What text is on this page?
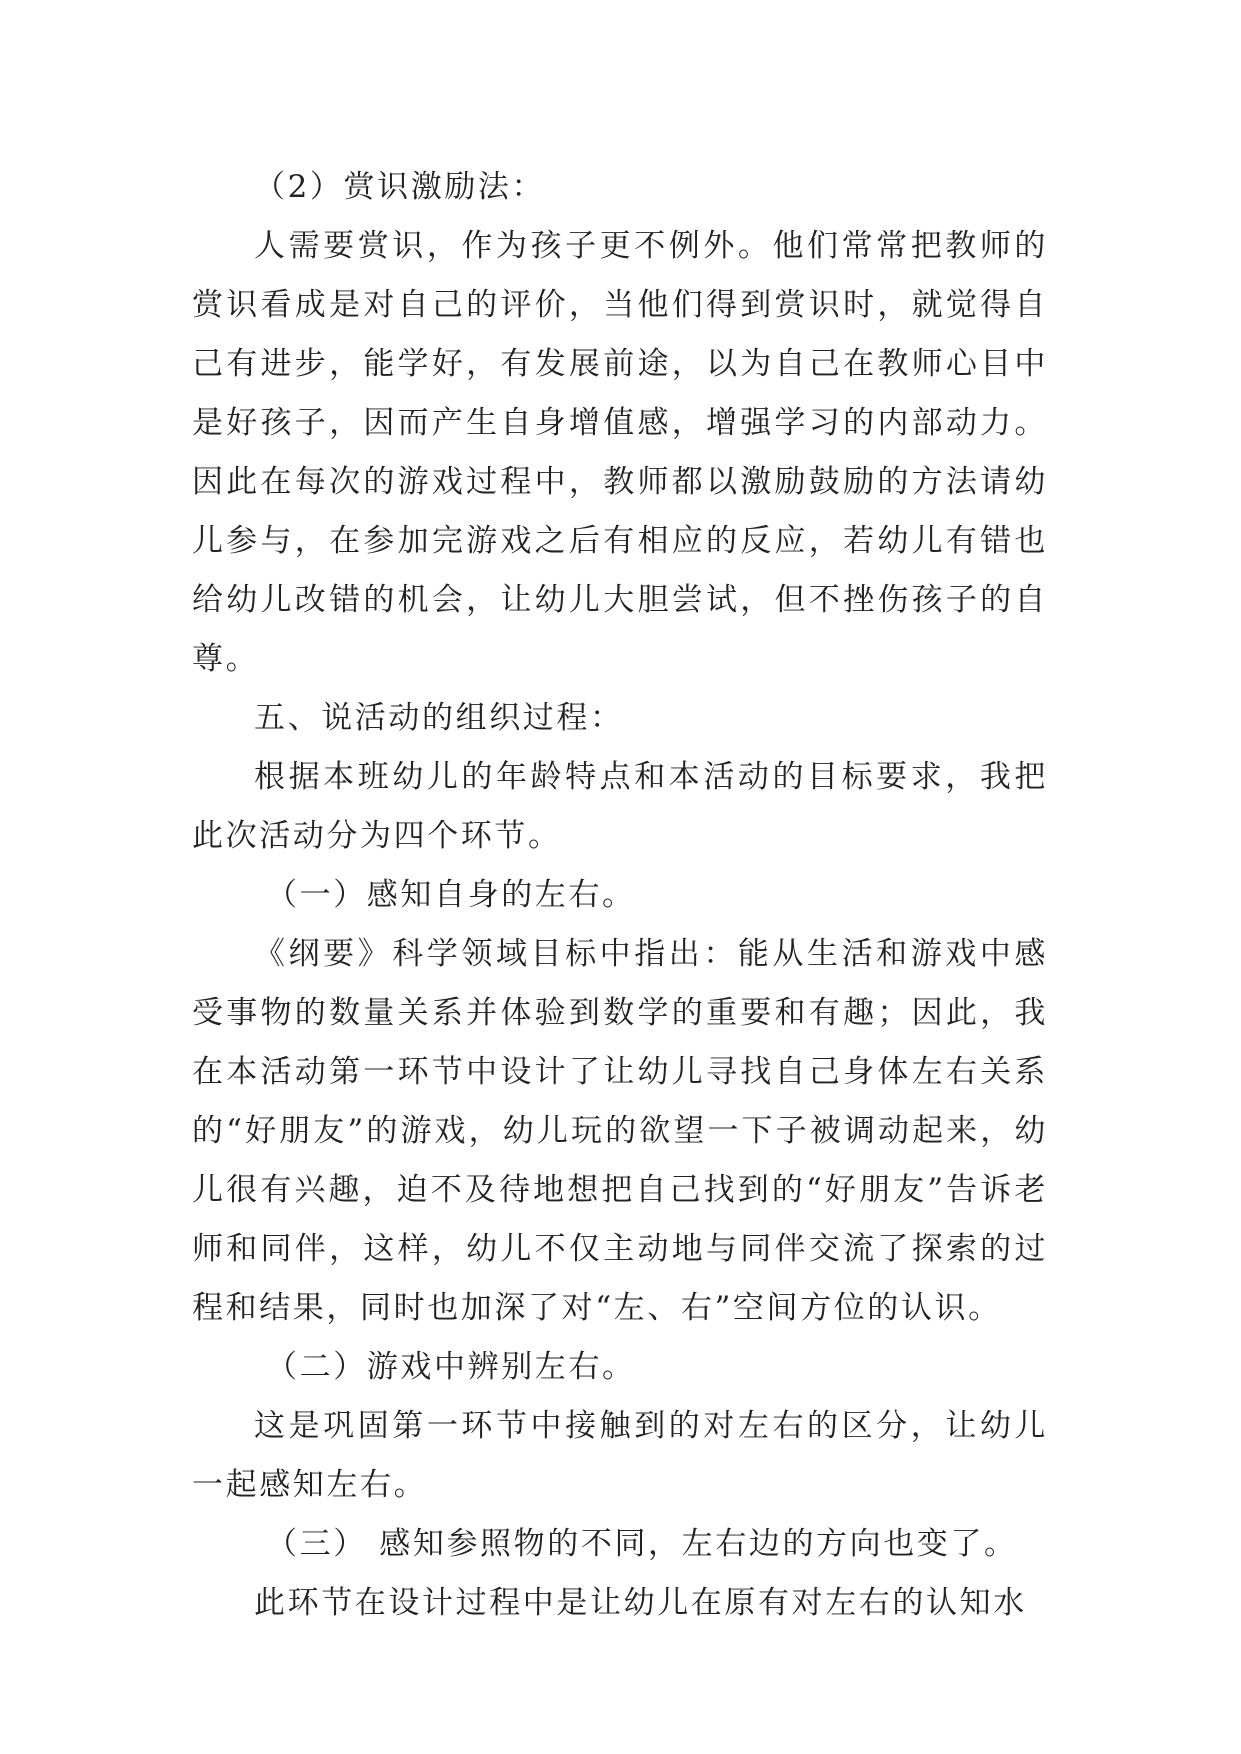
（2）赏识激励法：

人需要赏识，作为孩子更不例外。他们常常把教师的赏识看成是对自己的评价，当他们得到赏识时，就觉得自己有进步，能学好，有发展前途，以为自己在教师心目中是好孩子，因而产生自身增值感，增强学习的内部动力。因此在每次的游戏过程中，教师都以激励鼓励的方法请幼儿参与，在参加完游戏之后有相应的反应，若幼儿有错也给幼儿改错的机会，让幼儿大胆尝试，但不挫伤孩子的自尊。

五、说活动的组织过程：

根据本班幼儿的年龄特点和本活动的目标要求，我把此次活动分为四个环节。

（一）感知自身的左右。

《纲要》科学领域目标中指出：能从生活和游戏中感受事物的数量关系并体验到数学的重要和有趣；因此，我在本活动第一环节中设计了让幼儿寻找自己身体左右关系的“好朋友”的游戏，幼儿玩的欲望一下子被调动起来，幼儿很有兴趣，迫不及待地想把自己找到的“好朋友”告诉老师和同伴，这样，幼儿不仅主动地与同伴交流了探索的过程和结果，同时也加深了对“左、右”空间方位的认识。

（二）游戏中辨别左右。

这是巩固第一环节中接触到的对左右的区分，让幼儿一起感知左右。

（三） 感知参照物的不同，左右边的方向也变了。

此环节在设计过程中是让幼儿在原有对左右的认知水
